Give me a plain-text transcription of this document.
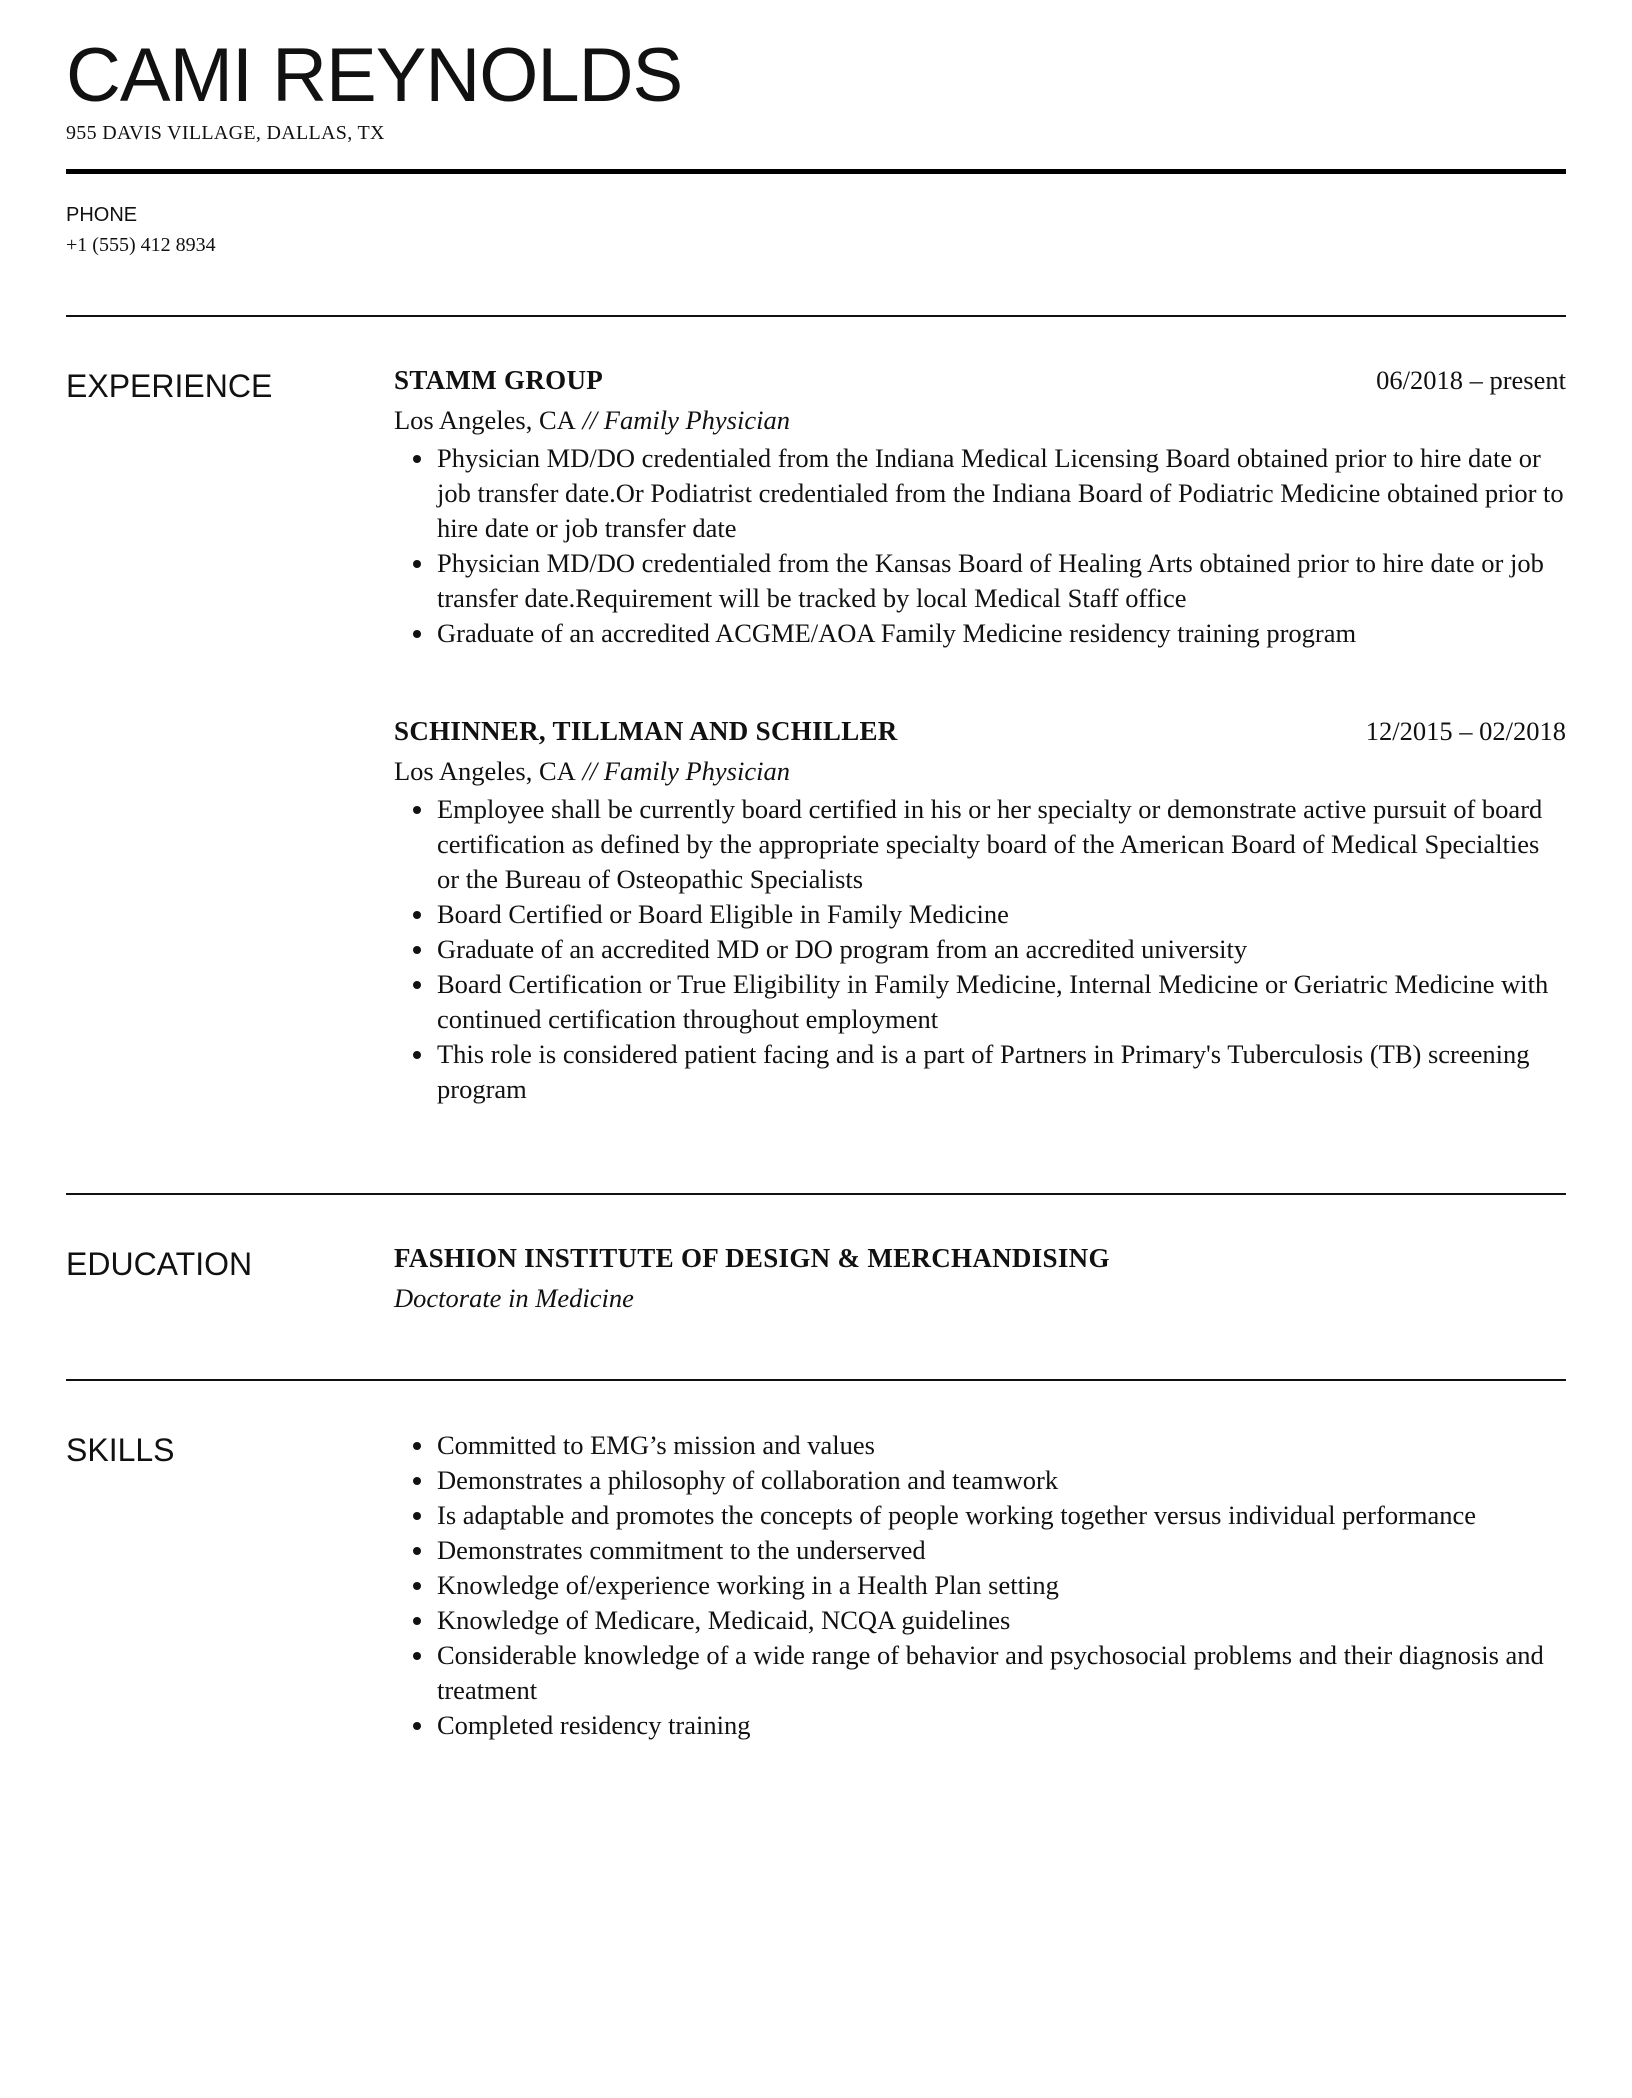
CAMI REYNOLDS
955 DAVIS VILLAGE, DALLAS, TX
PHONE
+1 (555) 412 8934
EXPERIENCE	STAMM GROUP	06/2018 – present
Los Angeles, CA // Family Physician
Physician MD/DO credentialed from the Indiana Medical Licensing Board obtained prior to hire date or job transfer date.Or Podiatrist credentialed from the Indiana Board of Podiatric Medicine obtained prior to hire date or job transfer date
Physician MD/DO credentialed from the Kansas Board of Healing Arts obtained prior to hire date or job transfer date.Requirement will be tracked by local Medical Staff office
Graduate of an accredited ACGME/AOA Family Medicine residency training program
SCHINNER, TILLMAN AND SCHILLER	12/2015 – 02/2018
Los Angeles, CA // Family Physician
Employee shall be currently board certified in his or her specialty or demonstrate active pursuit of board certification as defined by the appropriate specialty board of the American Board of Medical Specialties or the Bureau of Osteopathic Specialists
Board Certified or Board Eligible in Family Medicine
Graduate of an accredited MD or DO program from an accredited university
Board Certification or True Eligibility in Family Medicine, Internal Medicine or Geriatric Medicine with continued certification throughout employment
This role is considered patient facing and is a part of Partners in Primary's Tuberculosis (TB) screening program
EDUCATION	FASHION INSTITUTE OF DESIGN & MERCHANDISING
Doctorate in Medicine
SKILLS	Committed to EMG’s mission and values
Demonstrates a philosophy of collaboration and teamwork
Is adaptable and promotes the concepts of people working together versus individual performance
Demonstrates commitment to the underserved
Knowledge of/experience working in a Health Plan setting
Knowledge of Medicare, Medicaid, NCQA guidelines
Considerable knowledge of a wide range of behavior and psychosocial problems and their diagnosis and treatment
Completed residency training
